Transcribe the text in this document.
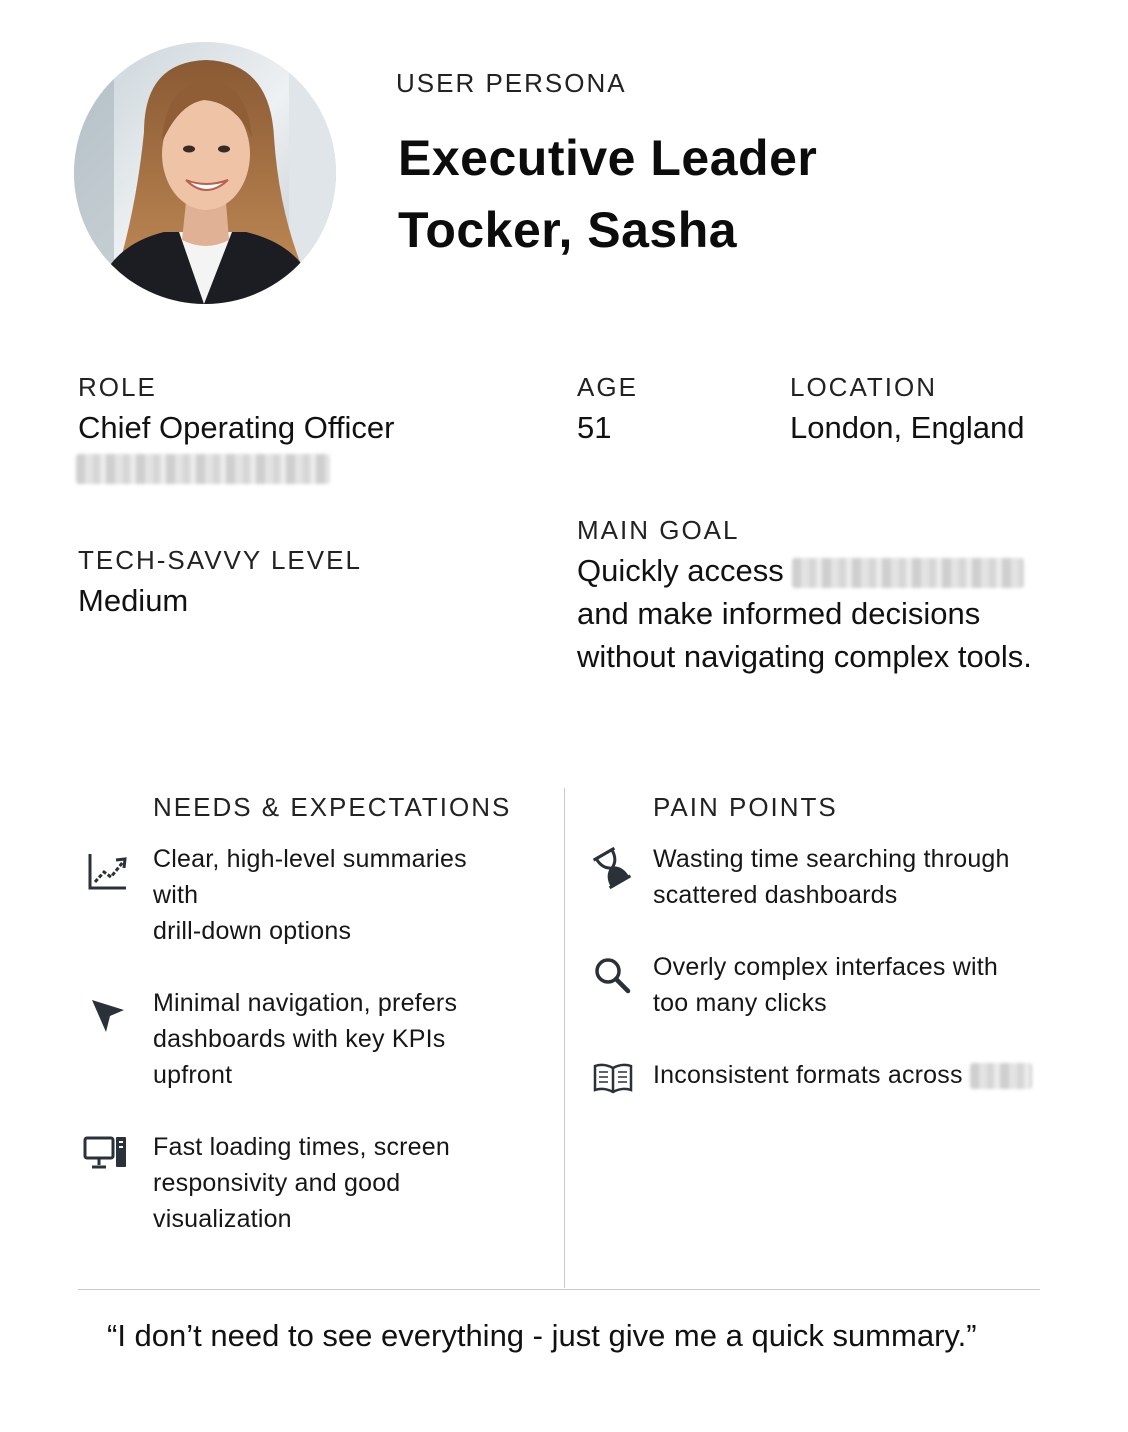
USER PERSONA
Executive Leader
Tocker, Sasha
ROLE
Chief Operating Officer
AGE
51
LOCATION
London, England
TECH-SAVVY LEVEL
Medium
MAIN GOAL
Quickly access
and make informed decisions
without navigating complex tools.
NEEDS & EXPECTATIONS
Clear, high-level summaries
with
drill-down options
Minimal navigation, prefers
dashboards with key KPIs
upfront
Fast loading times, screen
responsivity and good
visualization
PAIN POINTS
Wasting time searching through
scattered dashboards
Overly complex interfaces with
too many clicks
Inconsistent formats across
“I don’t need to see everything - just give me a quick summary.”
